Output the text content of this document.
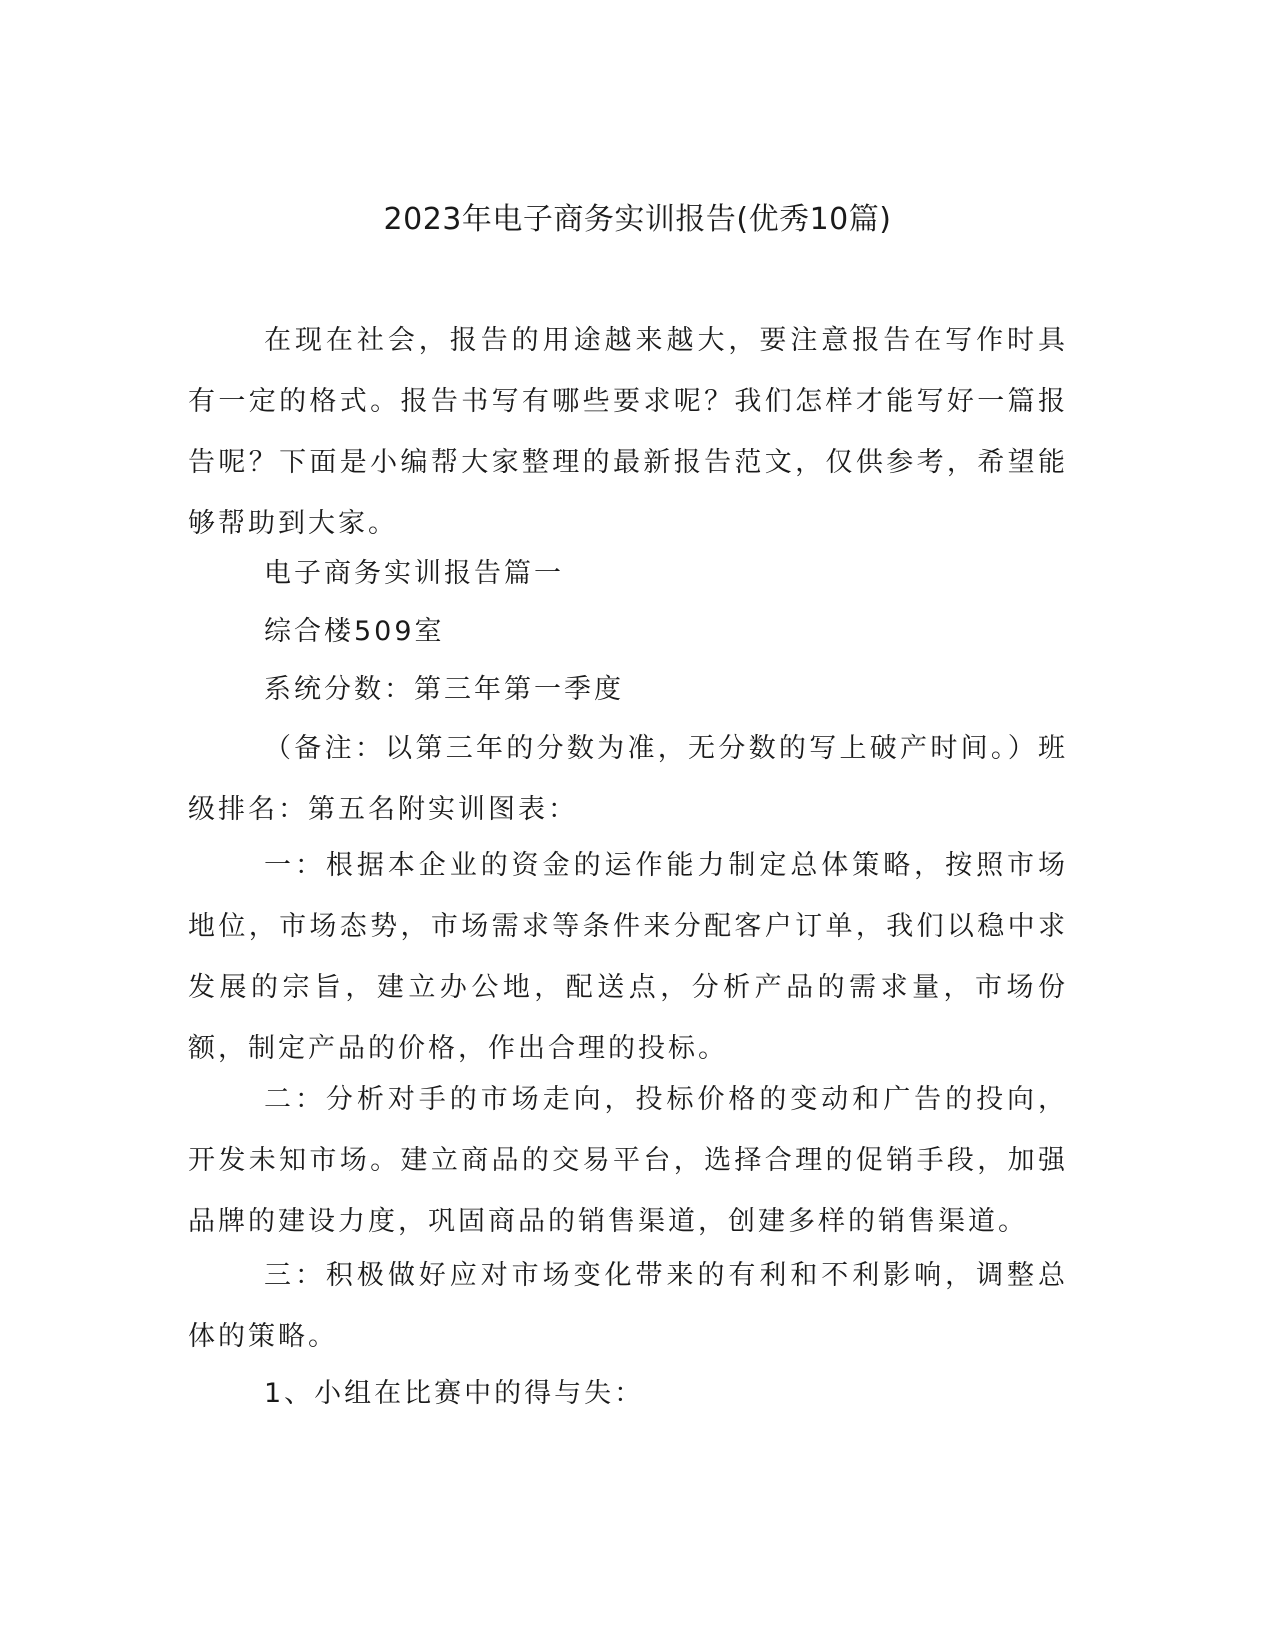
2023年电子商务实训报告(优秀10篇)

在现在社会，报告的用途越来越大，要注意报告在写作时具有一定的格式。报告书写有哪些要求呢？我们怎样才能写好一篇报告呢？下面是小编帮大家整理的最新报告范文，仅供参考，希望能够帮助到大家。

电子商务实训报告篇一
综合楼509室
系统分数：第三年第一季度

（备注：以第三年的分数为准，无分数的写上破产时间。）班级排名：第五名附实训图表：

一：根据本企业的资金的运作能力制定总体策略，按照市场地位，市场态势，市场需求等条件来分配客户订单，我们以稳中求发展的宗旨，建立办公地，配送点，分析产品的需求量，市场份额，制定产品的价格，作出合理的投标。

二：分析对手的市场走向，投标价格的变动和广告的投向，开发未知市场。建立商品的交易平台，选择合理的促销手段，加强品牌的建设力度，巩固商品的销售渠道，创建多样的销售渠道。

三：积极做好应对市场变化带来的有利和不利影响，调整总体的策略。

1、小组在比赛中的得与失：
